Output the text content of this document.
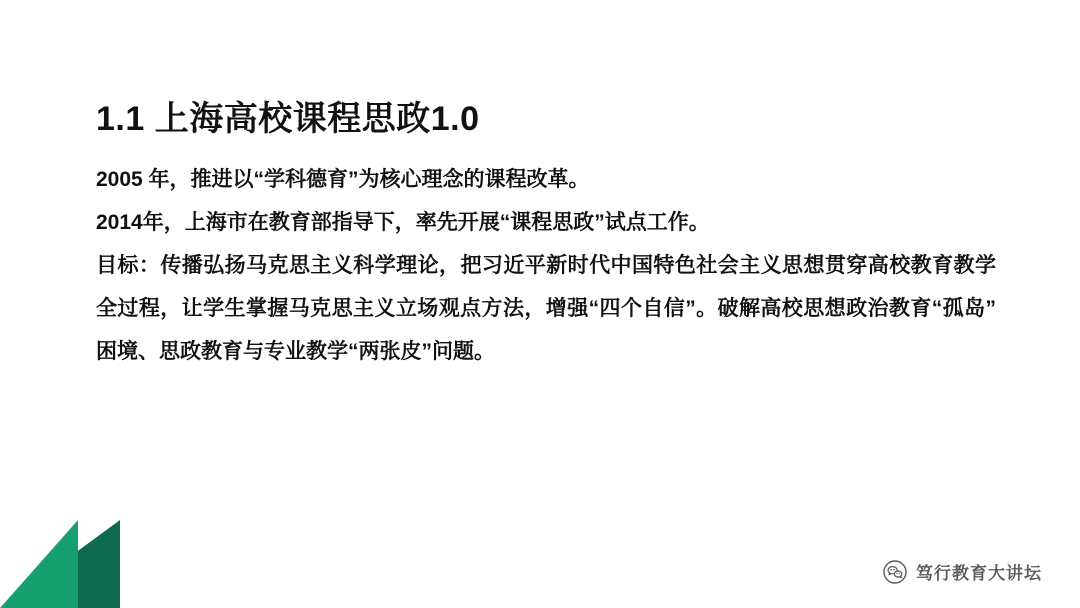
1.1 上海高校课程思政1.0
2005 年，推进以“学科德育”为核心理念的课程改革。
2014年，上海市在教育部指导下，率先开展“课程思政”试点工作。
目标：传播弘扬马克思主义科学理论，把习近平新时代中国特色社会主义思想贯穿高校教育教学全过程，让学生掌握马克思主义立场观点方法，增强“四个自信”。破解高校思想政治教育“孤岛”困境、思政教育与专业教学“两张皮”问题。
笃行教育大讲坛
